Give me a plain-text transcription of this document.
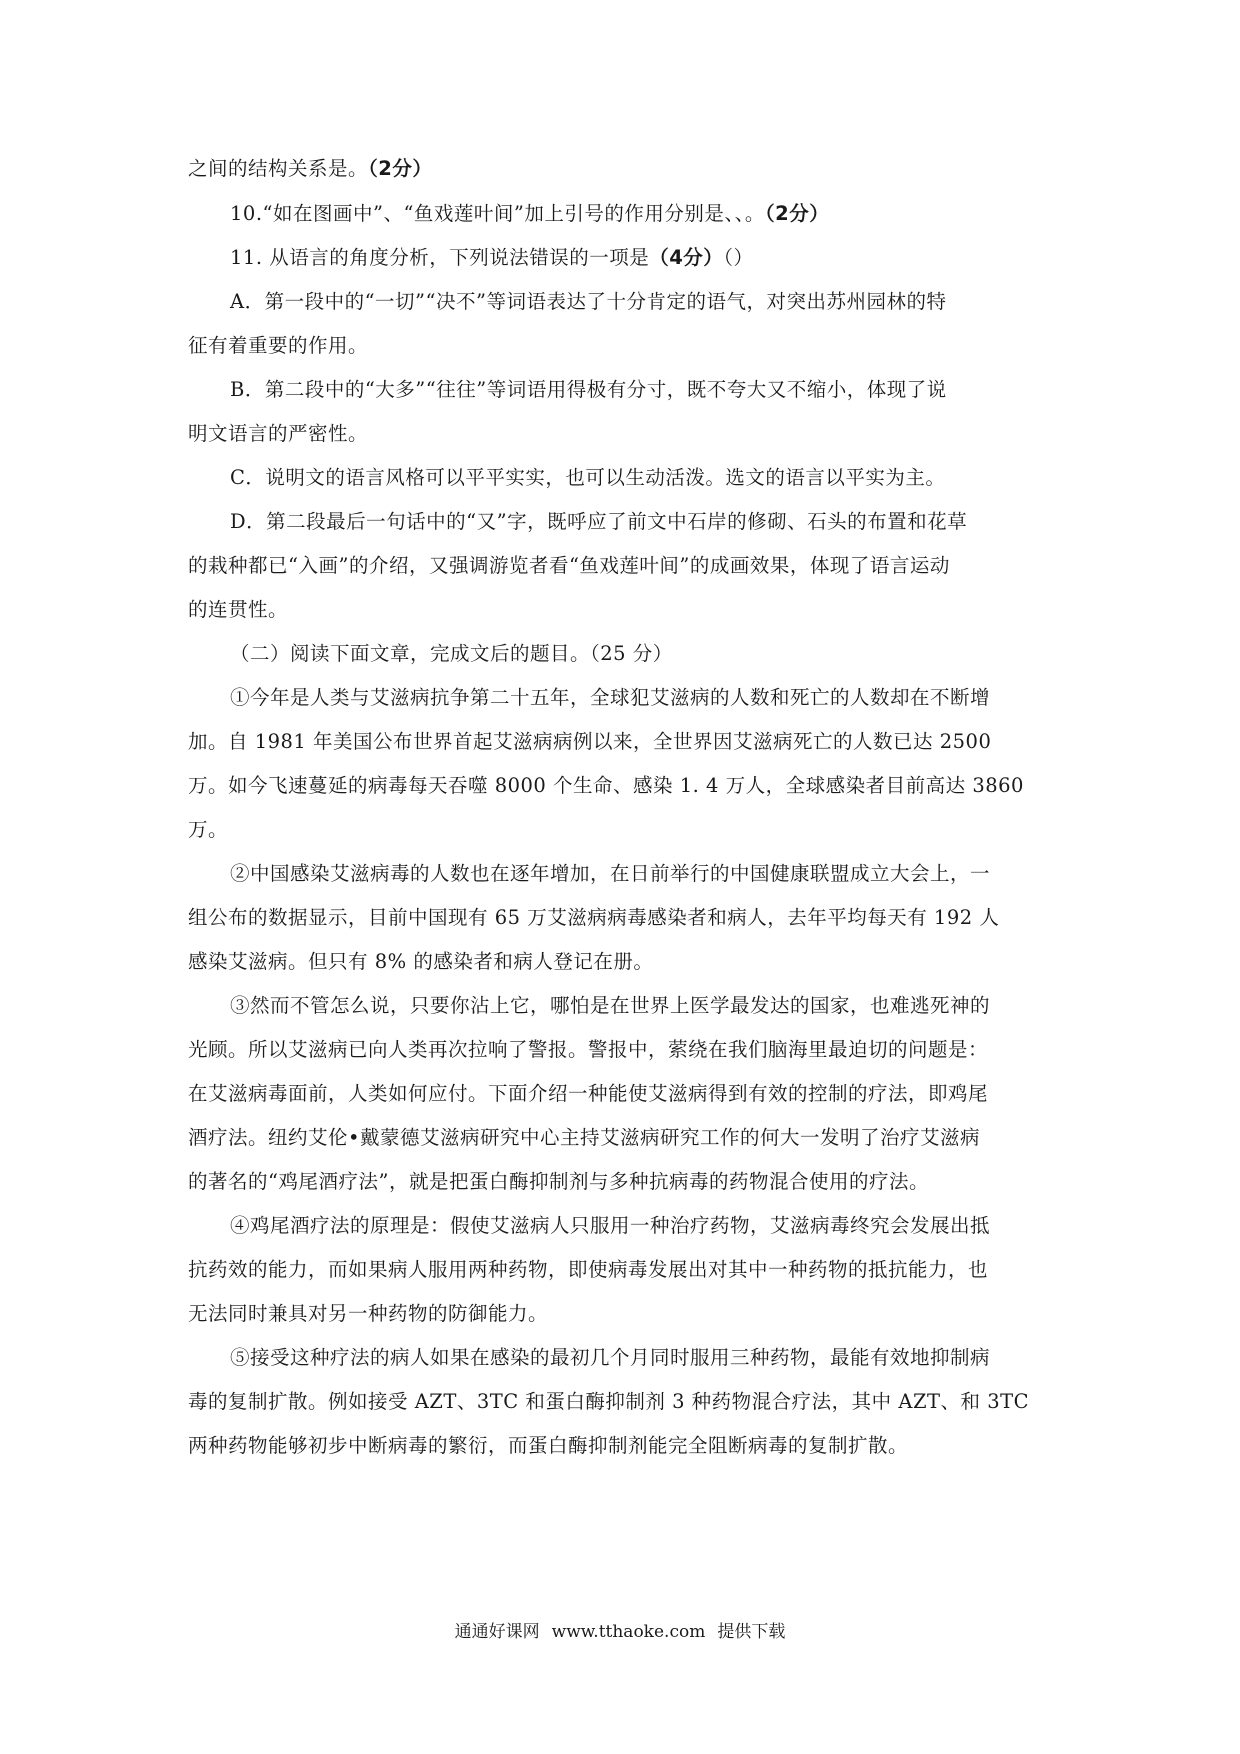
之间的结构关系是。（2分）
10.“如在图画中”、“鱼戏莲叶间”加上引号的作用分别是、、。（2分）
11. 从语言的角度分析，下列说法错误的一项是（4分）（）
A．第一段中的“一切”“决不”等词语表达了十分肯定的语气，对突出苏州园林的特
征有着重要的作用。
B．第二段中的“大多”“往往”等词语用得极有分寸，既不夸大又不缩小，体现了说
明文语言的严密性。
C．说明文的语言风格可以平平实实，也可以生动活泼。选文的语言以平实为主。
D．第二段最后一句话中的“又”字，既呼应了前文中石岸的修砌、石头的布置和花草
的栽种都已“入画”的介绍，又强调游览者看“鱼戏莲叶间”的成画效果，体现了语言运动
的连贯性。
（二）阅读下面文章，完成文后的题目。（25 分）
①今年是人类与艾滋病抗争第二十五年，全球犯艾滋病的人数和死亡的人数却在不断增
加。自 1981 年美国公布世界首起艾滋病病例以来，全世界因艾滋病死亡的人数已达 2500
万。如今飞速蔓延的病毒每天吞噬 8000 个生命、感染 1. 4 万人，全球感染者目前高达 3860
万。
②中国感染艾滋病毒的人数也在逐年增加，在日前举行的中国健康联盟成立大会上，一
组公布的数据显示，目前中国现有 65 万艾滋病病毒感染者和病人，去年平均每天有 192 人
感染艾滋病。但只有 8% 的感染者和病人登记在册。
③然而不管怎么说，只要你沾上它，哪怕是在世界上医学最发达的国家，也难逃死神的
光顾。所以艾滋病已向人类再次拉响了警报。警报中，萦绕在我们脑海里最迫切的问题是：
在艾滋病毒面前，人类如何应付。下面介绍一种能使艾滋病得到有效的控制的疗法，即鸡尾
酒疗法。纽约艾伦•戴蒙德艾滋病研究中心主持艾滋病研究工作的何大一发明了治疗艾滋病
的著名的“鸡尾酒疗法”，就是把蛋白酶抑制剂与多种抗病毒的药物混合使用的疗法。
④鸡尾酒疗法的原理是：假使艾滋病人只服用一种治疗药物，艾滋病毒终究会发展出抵
抗药效的能力，而如果病人服用两种药物，即使病毒发展出对其中一种药物的抵抗能力，也
无法同时兼具对另一种药物的防御能力。
⑤接受这种疗法的病人如果在感染的最初几个月同时服用三种药物，最能有效地抑制病
毒的复制扩散。例如接受 AZT、3TC 和蛋白酶抑制剂 3 种药物混合疗法，其中 AZT、和 3TC
两种药物能够初步中断病毒的繁衍，而蛋白酶抑制剂能完全阻断病毒的复制扩散。
通通好课网 www.tthaoke.com 提供下载
